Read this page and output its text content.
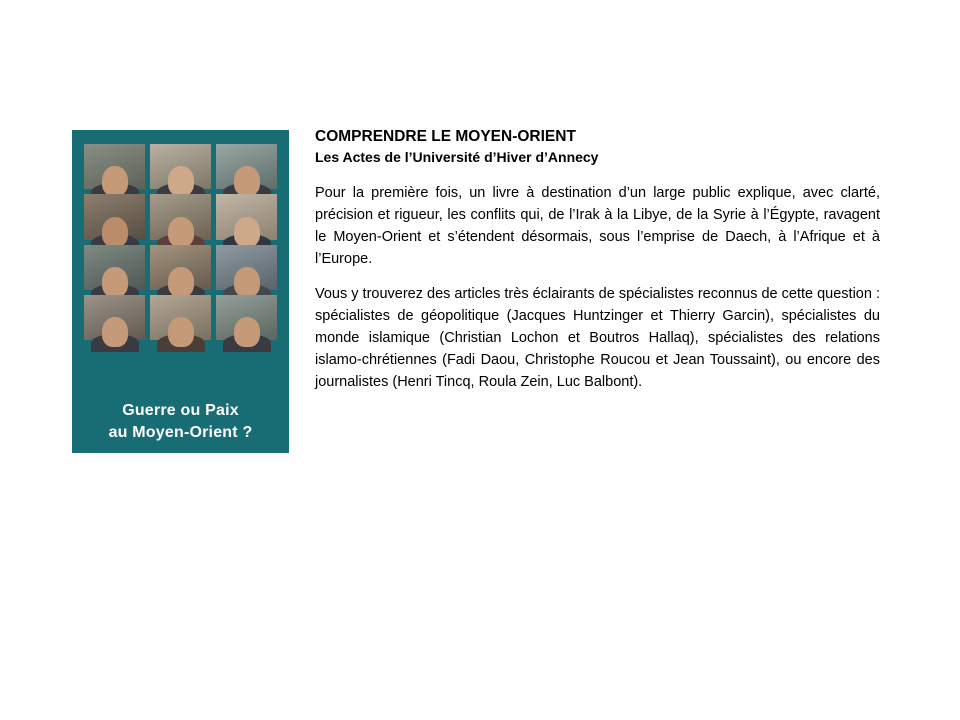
Guerre ou Paix
au Moyen-Orient ?
Chrétiens de la Méditerranée
Le réseau citoyen des acteurs de paix

COMPRENDRE LE MOYEN-ORIENT

Les Actes de l’Université d’Hiver d’Annecy

Pour la première fois, un livre à destination d’un large public explique, avec clarté, précision et rigueur, les conflits qui, de l’Irak à la Libye, de la Syrie à l’Égypte, ravagent le Moyen-Orient et s’étendent désormais, sous l’emprise de Daech, à l’Afrique et à l’Europe.

Vous y trouverez des articles très éclairants de spécialistes reconnus de cette question : spécialistes de géopolitique (Jacques Huntzinger et Thierry Garcin), spécialistes du monde islamique (Christian Lochon et Boutros Hallaq), spécialistes des relations islamo-chrétiennes (Fadi Daou, Christophe Roucou et Jean Toussaint), ou encore des journalistes (Henri Tincq, Roula Zein, Luc Balbont).
